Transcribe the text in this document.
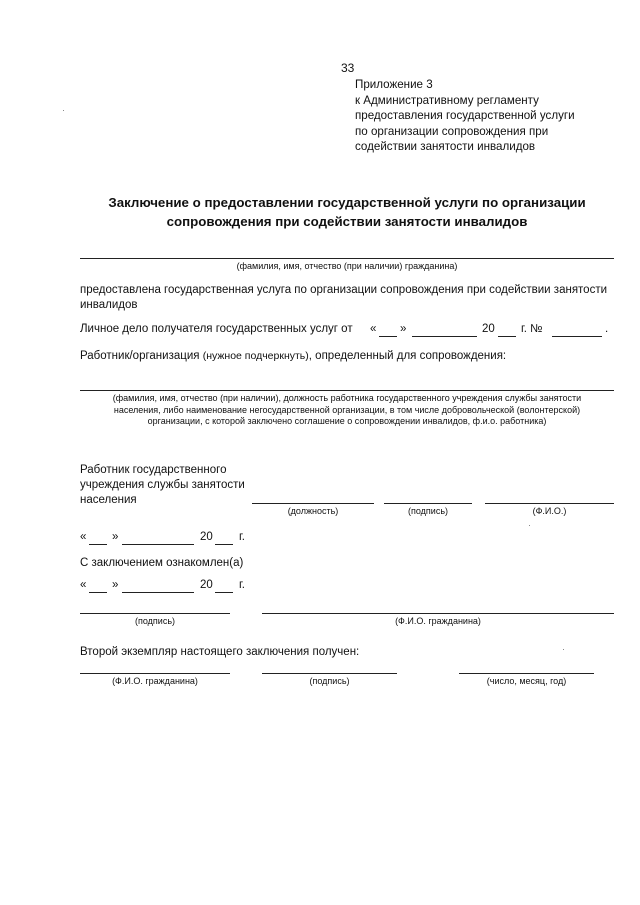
33
Приложение 3
к Административному регламенту
предоставления государственной услуги
по организации сопровождения при
содействии занятости инвалидов
Заключение о предоставлении государственной услуги по организации
сопровождения при содействии занятости инвалидов
(фамилия, имя, отчество (при наличии) гражданина)
предоставлена государственная услуга по организации сопровождения при содействии занятости инвалидов
Личное дело получателя государственных услуг от « »	20 г. №	.
Работник/организация (нужное подчеркнуть), определенный для сопровождения:
(фамилия, имя, отчество (при наличии), должность работника государственного учреждения службы занятости
населения, либо наименование негосударственной организации, в том числе добровольческой (волонтерской)
организации, с которой заключено соглашение о сопровождении инвалидов, ф.и.о. работника)
Работник государственного
учреждения службы занятости
населения
(должность)	(подпись)	(Ф.И.О.)
« »	20 г.
С заключением ознакомлен(а)
« »	20 г.
(подпись)	(Ф.И.О. гражданина)
Второй экземпляр настоящего заключения получен:
(Ф.И.О. гражданина)	(подпись)	(число, месяц, год)
